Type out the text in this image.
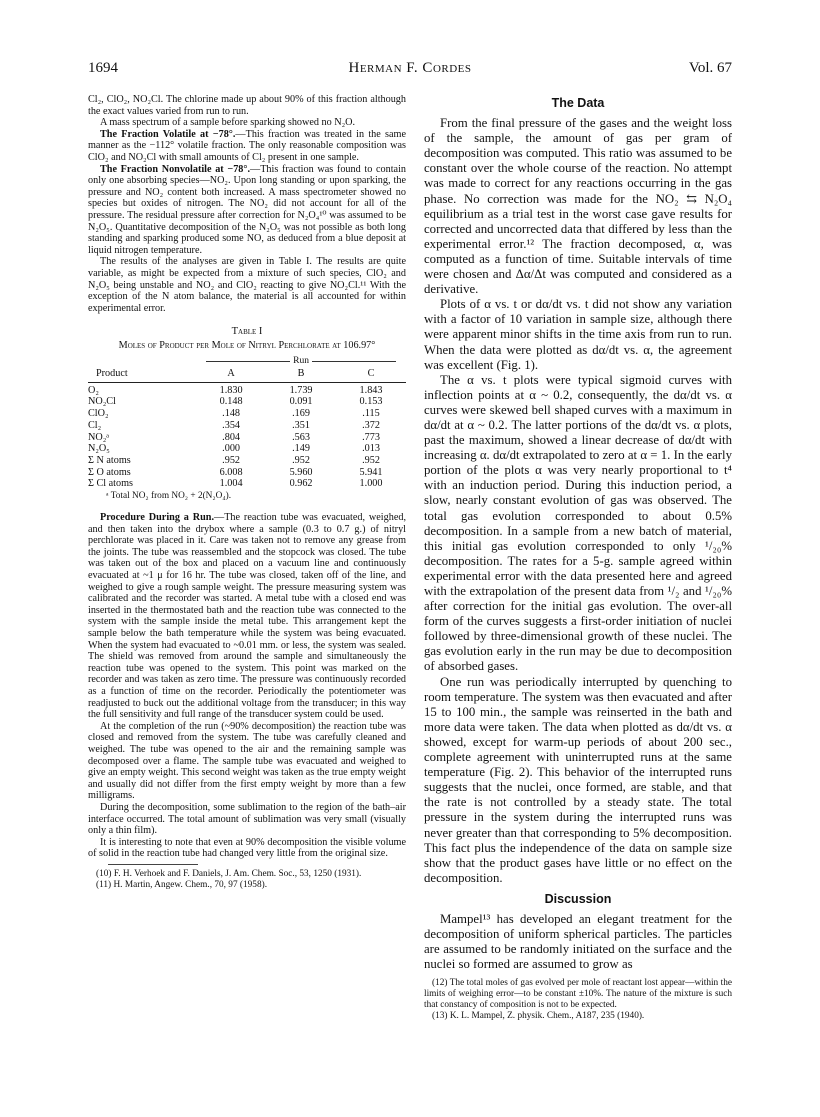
1694	Herman F. Cordes	Vol. 67

Cl₂, ClO₂, NO₂Cl. The chlorine made up about 90% of this fraction although the exact values varied from run to run.

A mass spectrum of a sample before sparking showed no N₂O.

The Fraction Volatile at −78°.—This fraction was treated in the same manner as the −112° volatile fraction. The only reasonable composition was ClO₂ and NO₂Cl with small amounts of Cl₂ present in one sample.

The Fraction Nonvolatile at −78°.—This fraction was found to contain only one absorbing species—NO₂. Upon long standing or upon sparking, the pressure and NO₂ content both increased. A mass spectrometer showed no species but oxides of nitrogen. The NO₂ did not account for all of the pressure. The residual pressure after correction for N₂O₄¹⁰ was assumed to be N₂O₅. Quantitative decomposition of the N₂O₅ was not possible as both long standing and sparking produced some NO, as deduced from a blue deposit at liquid nitrogen temperature.

The results of the analyses are given in Table I. The results are quite variable, as might be expected from a mixture of such species, ClO₂ and N₂O₅ being unstable and NO₂ and ClO₂ reacting to give NO₂Cl.¹¹ With the exception of the N atom balance, the material is all accounted for within experimental error.

Table I
Moles of Product per Mole of Nitryl Perchlorate at 106.97°

Run		
Product	A	B	C

O₂	1.830	1.739	1.843
NO₂Cl	0.148	0.091	0.153
ClO₂	.148	.169	.115
Cl₂	.354	.351	.372
NO₂ᵃ	.804	.563	.773
N₂O₅	.000	.149	.013
Σ N atoms	.952	.952	.952
Σ O atoms	6.008	5.960	5.941
Σ Cl atoms	1.004	0.962	1.000

ᵃ Total NO₂ from NO₂ + 2(N₂O₄).

Procedure During a Run.—The reaction tube was evacuated, weighed, and then taken into the drybox where a sample (0.3 to 0.7 g.) of nitryl perchlorate was placed in it. Care was taken not to remove any grease from the joints. The tube was reassembled and the stopcock was closed. The tube was taken out of the box and placed on a vacuum line and continuously evacuated at ~1 μ for 16 hr. The tube was closed, taken off of the line, and weighed to give a rough sample weight. The pressure measuring system was calibrated and the recorder was started. A metal tube with a closed end was inserted in the thermostated bath and the reaction tube was connected to the system with the sample inside the metal tube. This arrangement kept the sample below the bath temperature while the system was being evacuated. When the system had evacuated to ~0.01 mm. or less, the system was sealed. The shield was removed from around the sample and simultaneously the reaction tube was opened to the system. This point was marked on the recorder and was taken as zero time. The pressure was continuously recorded as a function of time on the recorder. Periodically the potentiometer was readjusted to buck out the additional voltage from the transducer; in this way the full sensitivity and full range of the transducer system could be used.

At the completion of the run (~90% decomposition) the reaction tube was closed and removed from the system. The tube was carefully cleaned and weighed. The tube was opened to the air and the remaining sample was decomposed over a flame. The sample tube was evacuated and weighed to give an empty weight. This second weight was taken as the true empty weight and usually did not differ from the first empty weight by more than a few milligrams.

During the decomposition, some sublimation to the region of the bath–air interface occurred. The total amount of sublimation was very small (visually only a thin film).

It is interesting to note that even at 90% decomposition the visible volume of solid in the reaction tube had changed very little from the original size.

(10) F. H. Verhoek and F. Daniels, J. Am. Chem. Soc., 53, 1250 (1931).

(11) H. Martin, Angew. Chem., 70, 97 (1958).

The Data

From the final pressure of the gases and the weight loss of the sample, the amount of gas per gram of decomposition was computed. This ratio was assumed to be constant over the whole course of the reaction. No attempt was made to correct for any reactions occurring in the gas phase. No correction was made for the NO₂ ⇆ N₂O₄ equilibrium as a trial test in the worst case gave results for corrected and uncorrected data that differed by less than the experimental error.¹² The fraction decomposed, α, was computed as a function of time. Suitable intervals of time were chosen and Δα/Δt was computed and considered as a derivative.

Plots of α vs. t or dα/dt vs. t did not show any variation with a factor of 10 variation in sample size, although there were apparent minor shifts in the time axis from run to run. When the data were plotted as dα/dt vs. α, the agreement was excellent (Fig. 1).

The α vs. t plots were typical sigmoid curves with inflection points at α ~ 0.2, consequently, the dα/dt vs. α curves were skewed bell shaped curves with a maximum in dα/dt at α ~ 0.2. The latter portions of the dα/dt vs. α plots, past the maximum, showed a linear decrease of dα/dt with increasing α. dα/dt extrapolated to zero at α = 1. In the early portion of the plots α was very nearly proportional to t⁴ with an induction period. During this induction period, a slow, nearly constant evolution of gas was observed. The total gas evolution corresponded to about 0.5% decomposition. In a sample from a new batch of material, this initial gas evolution corresponded to only ¹/₂₀% decomposition. The rates for a 5-g. sample agreed within experimental error with the data presented here and agreed with the extrapolation of the present data from ¹/₂ and ¹/₂₀% after correction for the initial gas evolution. The over-all form of the curves suggests a first-order initiation of nuclei followed by three-dimensional growth of these nuclei. The gas evolution early in the run may be due to decomposition of absorbed gases.

One run was periodically interrupted by quenching to room temperature. The system was then evacuated and after 15 to 100 min., the sample was reinserted in the bath and more data were taken. The data when plotted as dα/dt vs. α showed, except for warm-up periods of about 200 sec., complete agreement with uninterrupted runs at the same temperature (Fig. 2). This behavior of the interrupted runs suggests that the nuclei, once formed, are stable, and that the rate is not controlled by a steady state. The total pressure in the system during the interrupted runs was never greater than that corresponding to 5% decomposition. This fact plus the independence of the data on sample size show that the product gases have little or no effect on the decomposition.

Discussion

Mampel¹³ has developed an elegant treatment for the decomposition of uniform spherical particles. The particles are assumed to be randomly initiated on the surface and the nuclei so formed are assumed to grow as

(12) The total moles of gas evolved per mole of reactant lost appear—within the limits of weighing error—to be constant ±10%. The nature of the mixture is such that constancy of composition is not to be expected.

(13) K. L. Mampel, Z. physik. Chem., A187, 235 (1940).
